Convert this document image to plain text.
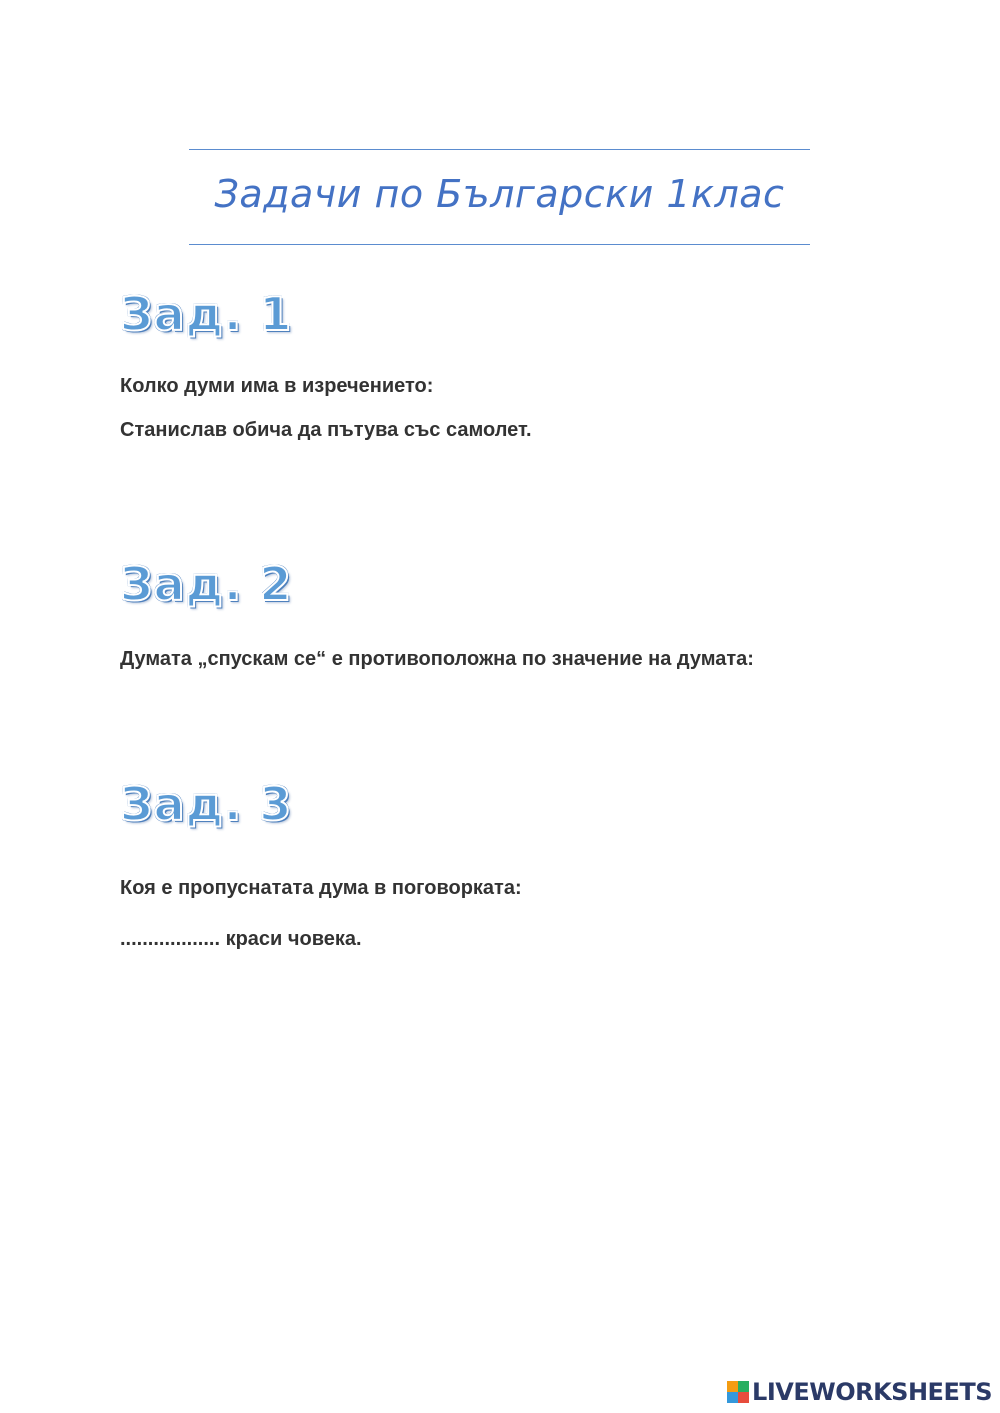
Задачи по Български 1клас
Зад. 1
Колко думи има в изречението:
Станислав обича да пътува със самолет.
Зад. 2
Думата „спускам се“ е противоположна по значение на думата:
Зад. 3
Коя е пропуснатата дума в поговорката:
.................. краси човека.
LIVEWORKSHEETS
